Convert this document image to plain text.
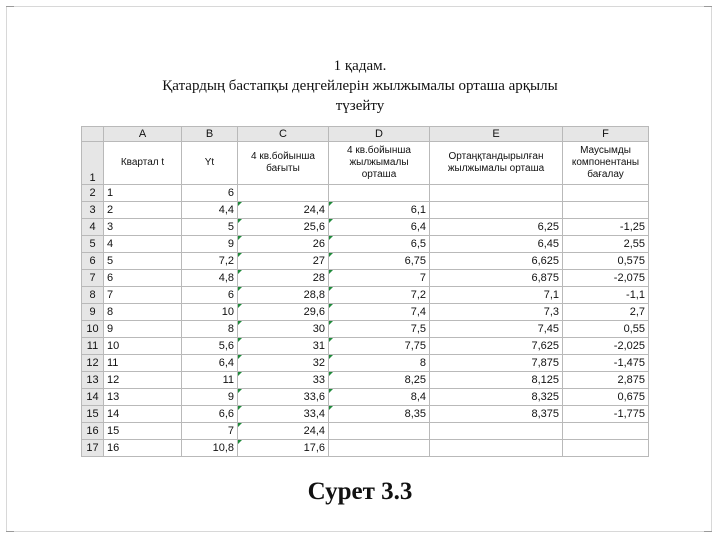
1 қадам.
Қатардың бастапқы деңгейлерін жылжымалы орташа арқылы
түзейту
	A	B	C	D	E	F
1	Квартал t	Yt	4 кв.бойынша бағыты	4 кв.бойынша жылжымалы орташа	Ортаңқтандырылған жылжымалы орташа	Маусымды компонентаны бағалау
2	1	6				
3	2	4,4	24,4	6,1		
4	3	5	25,6	6,4	6,25	-1,25
5	4	9	26	6,5	6,45	2,55
6	5	7,2	27	6,75	6,625	0,575
7	6	4,8	28	7	6,875	-2,075
8	7	6	28,8	7,2	7,1	-1,1
9	8	10	29,6	7,4	7,3	2,7
10	9	8	30	7,5	7,45	0,55
11	10	5,6	31	7,75	7,625	-2,025
12	11	6,4	32	8	7,875	-1,475
13	12	11	33	8,25	8,125	2,875
14	13	9	33,6	8,4	8,325	0,675
15	14	6,6	33,4	8,35	8,375	-1,775
16	15	7	24,4			
17	16	10,8	17,6			
Сурет 3.3
